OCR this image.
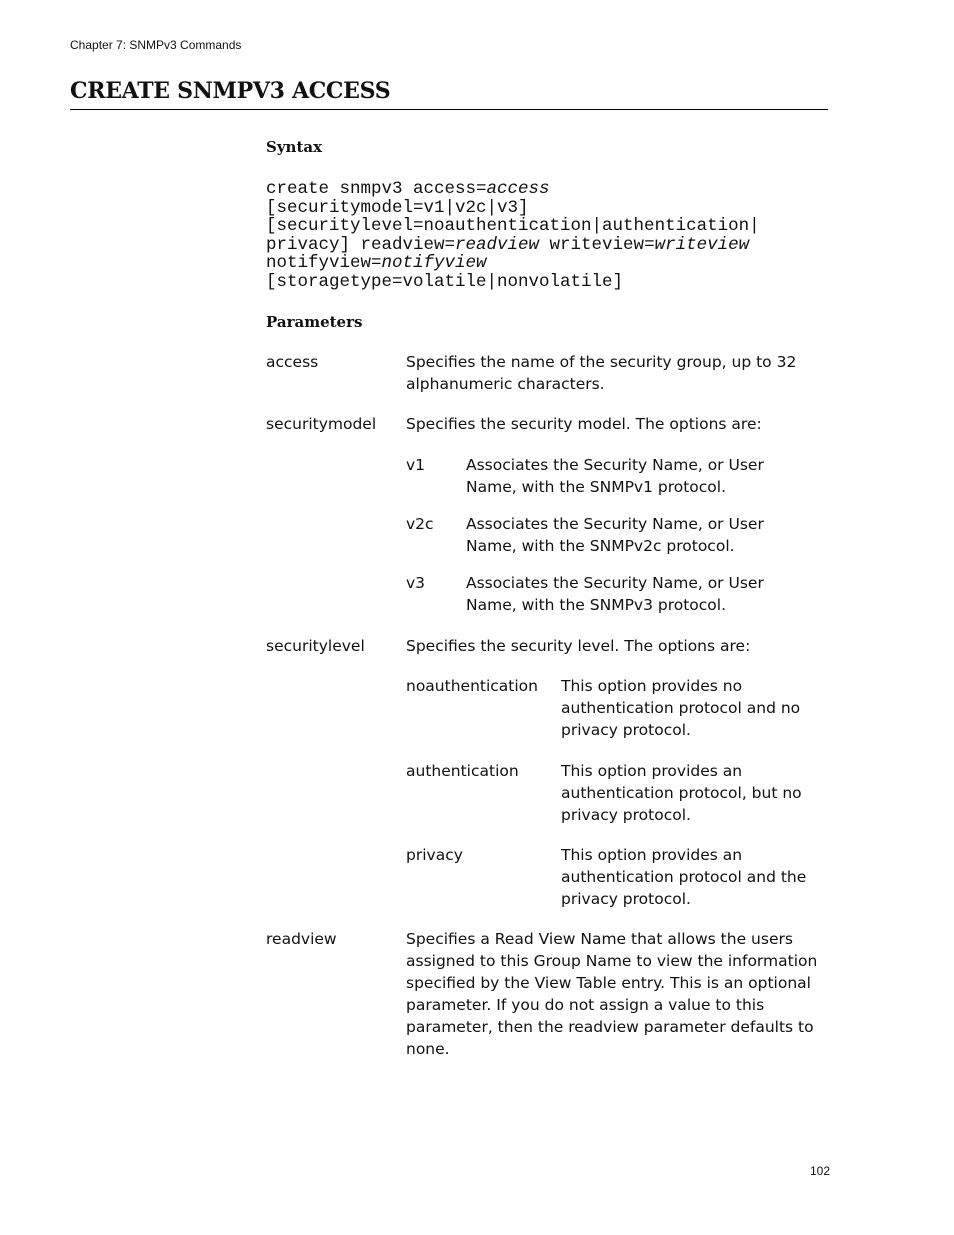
Chapter 7: SNMPv3 Commands
CREATE SNMPV3 ACCESS
Syntax
create snmpv3 access=access
[securitymodel=v1|v2c|v3]
[securitylevel=noauthentication|authentication|
privacy] readview=readview writeview=writeview
notifyview=notifyview
[storagetype=volatile|nonvolatile]
Parameters
access	Specifies the name of the security group, up to 32 alphanumeric characters.
securitymodel Specifies the security model. The options are:
v1	Associates the Security Name, or User Name, with the SNMPv1 protocol.
v2c Associates the Security Name, or User Name, with the SNMPv2c protocol.
v3	Associates the Security Name, or User Name, with the SNMPv3 protocol.
securitylevel	Specifies the security level. The options are:
noauthentication This option provides no authentication protocol and no privacy protocol.
authentication	This option provides an authentication protocol, but no privacy protocol.
privacy	This option provides an authentication protocol and the privacy protocol.
readview	Specifies a Read View Name that allows the users assigned to this Group Name to view the information specified by the View Table entry. This is an optional parameter. If you do not assign a value to this parameter, then the readview parameter defaults to none.
102
